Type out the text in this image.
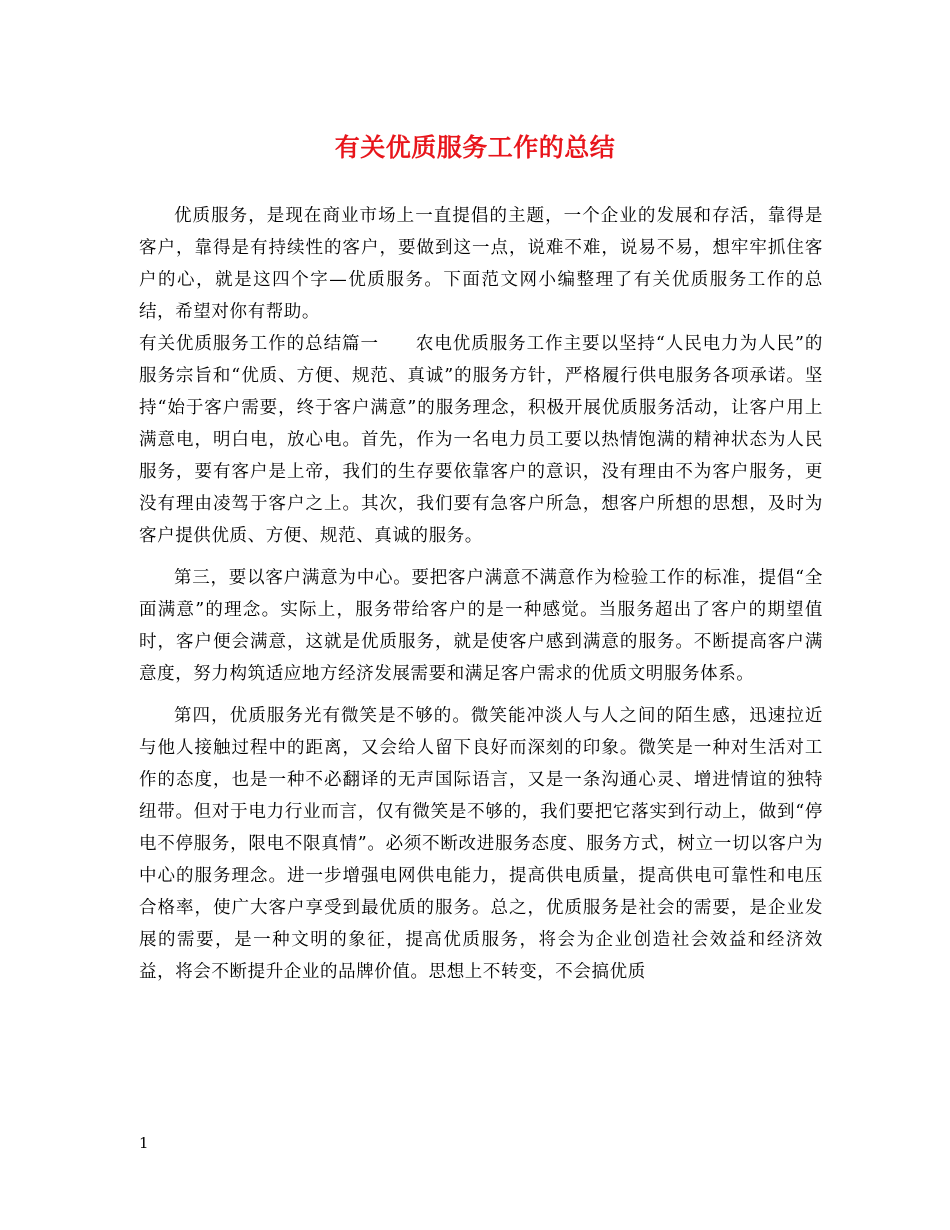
有关优质服务工作的总结

优质服务，是现在商业市场上一直提倡的主题，一个企业的发展和存活，靠得是客户，靠得是有持续性的客户，要做到这一点，说难不难，说易不易，想牢牢抓住客户的心，就是这四个字—优质服务。下面范文网小编整理了有关优质服务工作的总结，希望对你有帮助。

有关优质服务工作的总结篇一　　农电优质服务工作主要以坚持“人民电力为人民”的服务宗旨和“优质、方便、规范、真诚”的服务方针，严格履行供电服务各项承诺。坚持“始于客户需要，终于客户满意”的服务理念，积极开展优质服务活动，让客户用上满意电，明白电，放心电。首先，作为一名电力员工要以热情饱满的精神状态为人民服务，要有客户是上帝，我们的生存要依靠客户的意识，没有理由不为客户服务，更没有理由凌驾于客户之上。其次，我们要有急客户所急，想客户所想的思想，及时为客户提供优质、方便、规范、真诚的服务。

第三，要以客户满意为中心。要把客户满意不满意作为检验工作的标准，提倡“全面满意”的理念。实际上，服务带给客户的是一种感觉。当服务超出了客户的期望值时，客户便会满意，这就是优质服务，就是使客户感到满意的服务。不断提高客户满意度，努力构筑适应地方经济发展需要和满足客户需求的优质文明服务体系。

第四，优质服务光有微笑是不够的。微笑能冲淡人与人之间的陌生感，迅速拉近与他人接触过程中的距离，又会给人留下良好而深刻的印象。微笑是一种对生活对工作的态度，也是一种不必翻译的无声国际语言，又是一条沟通心灵、增进情谊的独特纽带。但对于电力行业而言，仅有微笑是不够的，我们要把它落实到行动上，做到“停电不停服务，限电不限真情”。必须不断改进服务态度、服务方式，树立一切以客户为中心的服务理念。进一步增强电网供电能力，提高供电质量，提高供电可靠性和电压合格率，使广大客户享受到最优质的服务。总之，优质服务是社会的需要，是企业发展的需要，是一种文明的象征，提高优质服务，将会为企业创造社会效益和经济效益，将会不断提升企业的品牌价值。思想上不转变，不会搞优质

1
